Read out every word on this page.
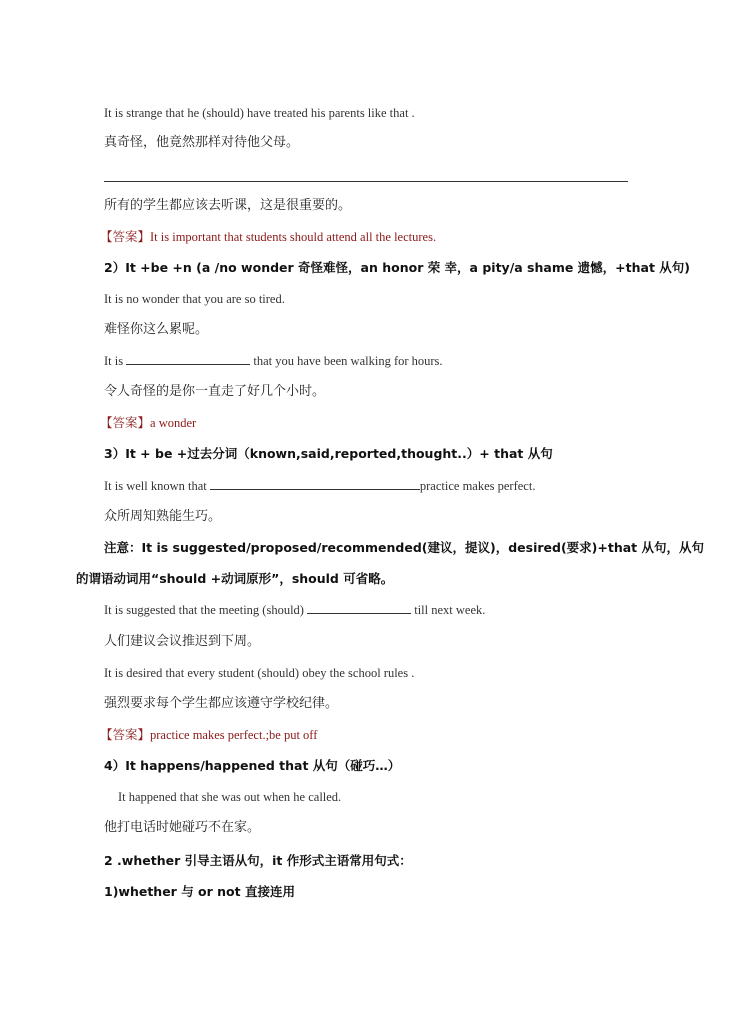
It is strange that he (should) have treated his parents like that .
真奇怪，他竟然那样对待他父母。
所有的学生都应该去听课，这是很重要的。
【答案】It is important that students should attend all the lectures.
2）It +be +n (a /no wonder 奇怪难怪，an honor 荣 幸，a pity/a shame 遗憾，+that 从句)
It is no wonder that you are so tired.
难怪你这么累呢。
It is	that you have been walking for hours.
令人奇怪的是你一直走了好几个小时。
【答案】a wonder
3）It + be +过去分词（known,said,reported,thought..）+ that 从句
It is well known that	practice makes perfect.
众所周知熟能生巧。
注意：It is suggested/proposed/recommended(建议，提议)，desired(要求)+that 从句，从句
的谓语动词用“should +动词原形”，should 可省略。
It is suggested that the meeting (should)	till next week.
人们建议会议推迟到下周。
It is desired that every student (should) obey the school rules .
强烈要求每个学生都应该遵守学校纪律。
【答案】practice makes perfect.;be put off
4）It happens/happened that 从句（碰巧…）
It happened that she was out when he called.
他打电话时她碰巧不在家。
2 .whether 引导主语从句，it 作形式主语常用句式：
1)whether 与 or not 直接连用
